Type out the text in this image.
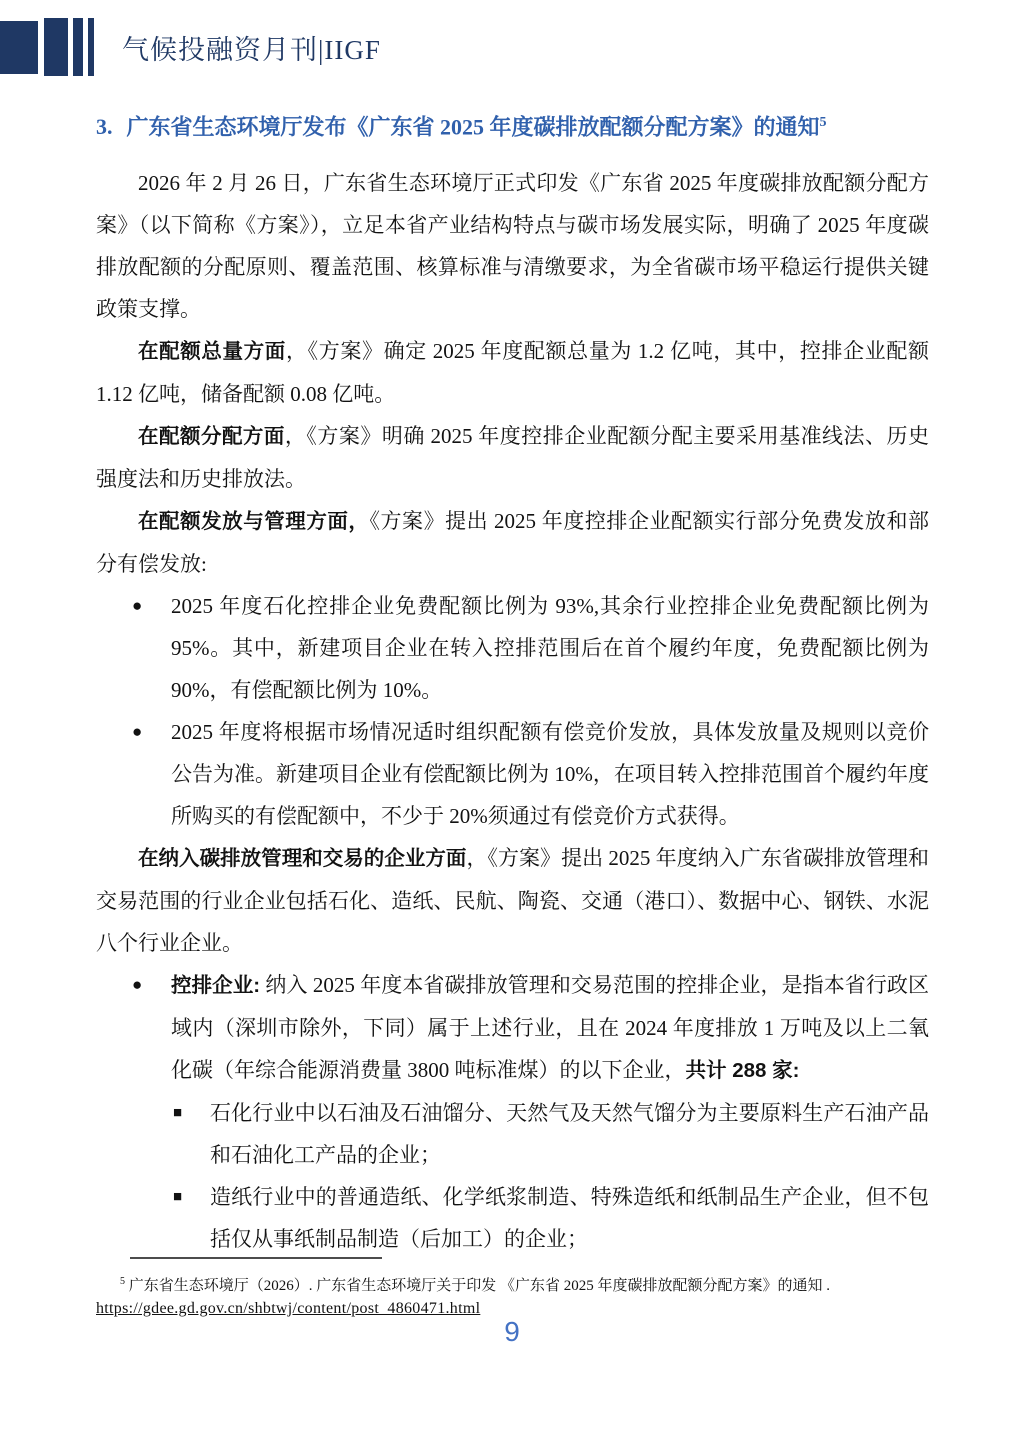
气候投融资月刊|IIGF
3. 广东省生态环境厅发布《广东省 2025 年度碳排放配额分配方案》的通知$^5$

2026 年 2 月 26 日，广东省生态环境厅正式印发《广东省 2025 年度碳排放配额分配方案》（以下简称《方案》），立足本省产业结构特点与碳市场发展实际，明确了 2025 年度碳排放配额的分配原则、覆盖范围、核算标准与清缴要求，为全省碳市场平稳运行提供关键政策支撑。

在配额总量方面，《方案》确定 2025 年度配额总量为 1.2 亿吨，其中，控排企业配额 1.12 亿吨，储备配额 0.08 亿吨。

在配额分配方面，《方案》明确 2025 年度控排企业配额分配主要采用基准线法、历史强度法和历史排放法。

在配额发放与管理方面，《方案》提出 2025 年度控排企业配额实行部分免费发放和部分有偿发放:

● 2025 年度石化控排企业免费配额比例为 93%,其余行业控排企业免费配额比例为 95%。其中，新建项目企业在转入控排范围后在首个履约年度，免费配额比例为 90%，有偿配额比例为 10%。
● 2025 年度将根据市场情况适时组织配额有偿竞价发放，具体发放量及规则以竞价公告为准。新建项目企业有偿配额比例为 10%，在项目转入控排范围首个履约年度所购买的有偿配额中，不少于 20%须通过有偿竞价方式获得。

在纳入碳排放管理和交易的企业方面，《方案》提出 2025 年度纳入广东省碳排放管理和交易范围的行业企业包括石化、造纸、民航、陶瓷、交通（港口）、数据中心、钢铁、水泥八个行业企业。

● 控排企业: 纳入 2025 年度本省碳排放管理和交易范围的控排企业，是指本省行政区域内（深圳市除外，下同）属于上述行业，且在 2024 年度排放 1 万吨及以上二氧化碳（年综合能源消费量 3800 吨标准煤）的以下企业，共计 288 家:
■ 石化行业中以石油及石油馏分、天然气及天然气馏分为主要原料生产石油产品和石油化工产品的企业；
■ 造纸行业中的普通造纸、化学纸浆制造、特殊造纸和纸制品生产企业，但不包括仅从事纸制品制造（后加工）的企业；
$^5$ 广东省生态环境厅（2026）. 广东省生态环境厅关于印发 《广东省 2025 年度碳排放配额分配方案》的通知 .
https://gdee.gd.gov.cn/shbtwj/content/post_4860471.html
9
